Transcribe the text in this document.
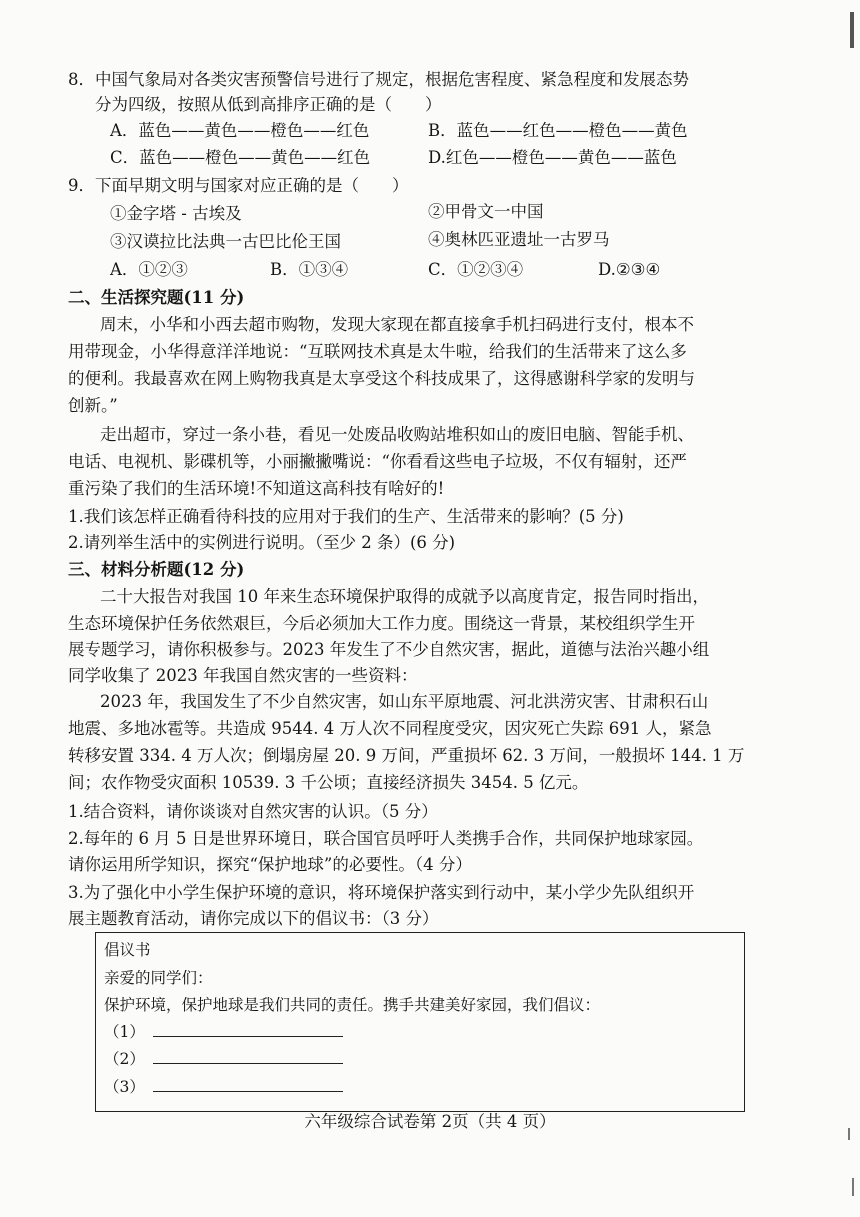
8．中国气象局对各类灾害预警信号进行了规定，根据危害程度、紧急程度和发展态势
分为四级，按照从低到高排序正确的是（　　）
A．蓝色——黄色——橙色——红色	B．蓝色——红色——橙色——黄色
C．蓝色——橙色——黄色——红色	D.红色——橙色——黄色——蓝色
9．下面早期文明与国家对应正确的是（　　）
①金字塔 - 古埃及	②甲骨文一中国
③汉谟拉比法典一古巴比伦王国	④奥林匹亚遗址一古罗马
A．①②③	B．①③④	C．①②③④	D.②③④
二、生活探究题(11 分)
周末，小华和小西去超市购物，发现大家现在都直接拿手机扫码进行支付，根本不
用带现金，小华得意洋洋地说：“互联网技术真是太牛啦，给我们的生活带来了这么多
的便利。我最喜欢在网上购物我真是太享受这个科技成果了，这得感谢科学家的发明与
创新。”
走出超市，穿过一条小巷，看见一处废品收购站堆积如山的废旧电脑、智能手机、
电话、电视机、影碟机等，小丽撇撇嘴说：“你看看这些电子垃圾，不仅有辐射，还严
重污染了我们的生活环境!不知道这高科技有啥好的!
1.我们该怎样正确看待科技的应用对于我们的生产、生活带来的影响？(5 分)
2.请列举生活中的实例进行说明。（至少 2 条）(6 分)
三、材料分析题(12 分)
二十大报告对我国 10 年来生态环境保护取得的成就予以高度肯定，报告同时指出，
生态环境保护任务依然艰巨，今后必须加大工作力度。围绕这一背景，某校组织学生开
展专题学习，请你积极参与。2023 年发生了不少自然灾害，据此，道德与法治兴趣小组
同学收集了 2023 年我国自然灾害的一些资料：
2023 年，我国发生了不少自然灾害，如山东平原地震、河北洪涝灾害、甘肃积石山
地震、多地冰雹等。共造成 9544. 4 万人次不同程度受灾，因灾死亡失踪 691 人，紧急
转移安置 334. 4 万人次；倒塌房屋 20. 9 万间，严重损坏 62. 3 万间，一般损坏 144. 1 万
间；农作物受灾面积 10539. 3 千公顷；直接经济损失 3454. 5 亿元。
1.结合资料，请你谈谈对自然灾害的认识。（5 分）
2.每年的 6 月 5 日是世界环境日，联合国官员呼吁人类携手合作，共同保护地球家园。
请你运用所学知识，探究“保护地球”的必要性。（4 分）
3.为了强化中小学生保护环境的意识，将环境保护落实到行动中，某小学少先队组织开
展主题教育活动，请你完成以下的倡议书：（3 分）
倡议书
亲爱的同学们：
保护环境，保护地球是我们共同的责任。携手共建美好家园，我们倡议：
（1）
（2）
（3）
六年级综合试卷第 2页（共 4 页）
